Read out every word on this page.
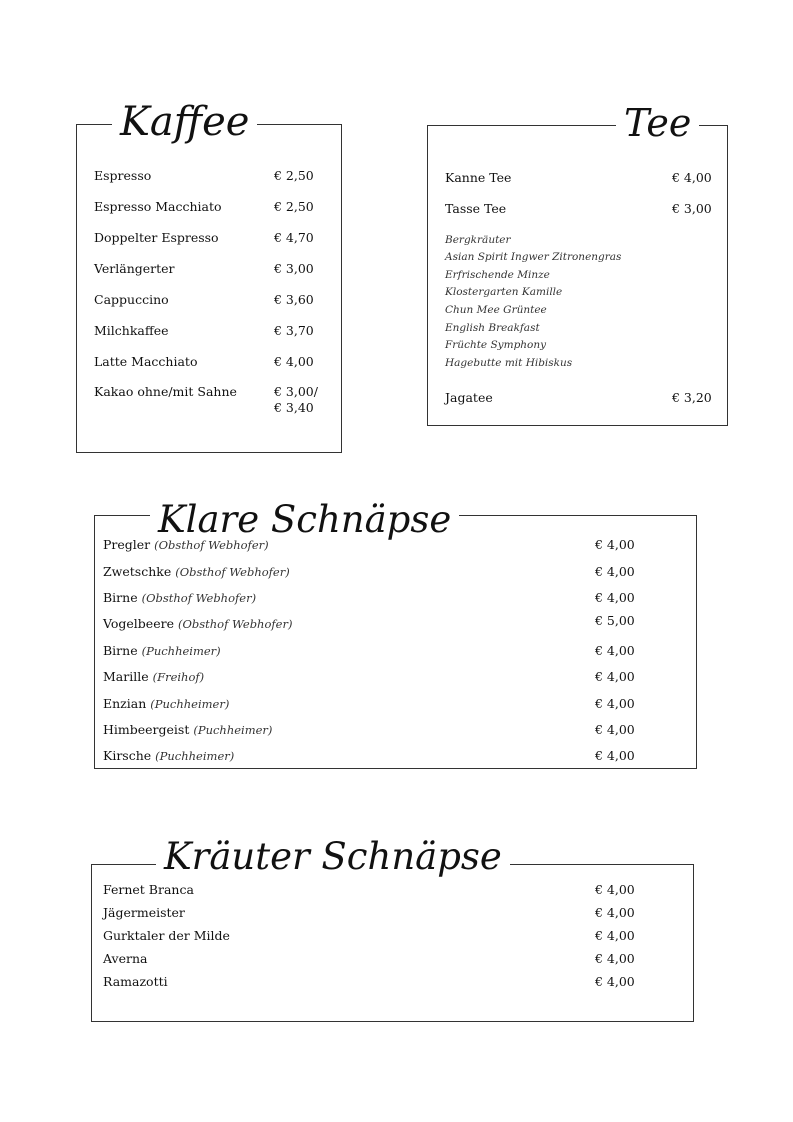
Espresso	€ 2,50
Espresso Macchiato	€ 2,50
Doppelter Espresso	€ 4,70
Verlängerter	€ 3,00
Cappuccino	€ 3,60
Milchkaffee	€ 3,70
Latte Macchiato	€ 4,00
Kakao ohne/mit Sahne	€ 3,00/
€ 3,40
Kaffee
Kanne Tee	€ 4,00
Tasse Tee	€ 3,00
Bergkräuter
Asian Spirit Ingwer Zitronengras
Erfrischende Minze
Klostergarten Kamille
Chun Mee Grüntee
English Breakfast
Früchte Symphony
Hagebutte mit Hibiskus
Jagatee	€ 3,20
Tee
Pregler (Obsthof Webhofer)	€ 4,00
Zwetschke (Obsthof Webhofer)	€ 4,00
Birne (Obsthof Webhofer)	€ 4,00
Vogelbeere (Obsthof Webhofer)	€ 5,00
Birne (Puchheimer)	€ 4,00
Marille (Freihof)	€ 4,00
Enzian (Puchheimer)	€ 4,00
Himbeergeist (Puchheimer)	€ 4,00
Kirsche (Puchheimer)	€ 4,00
Klare Schnäpse
Fernet Branca	€ 4,00
Jägermeister	€ 4,00
Gurktaler der Milde	€ 4,00
Averna	€ 4,00
Ramazotti	€ 4,00
Kräuter Schnäpse
